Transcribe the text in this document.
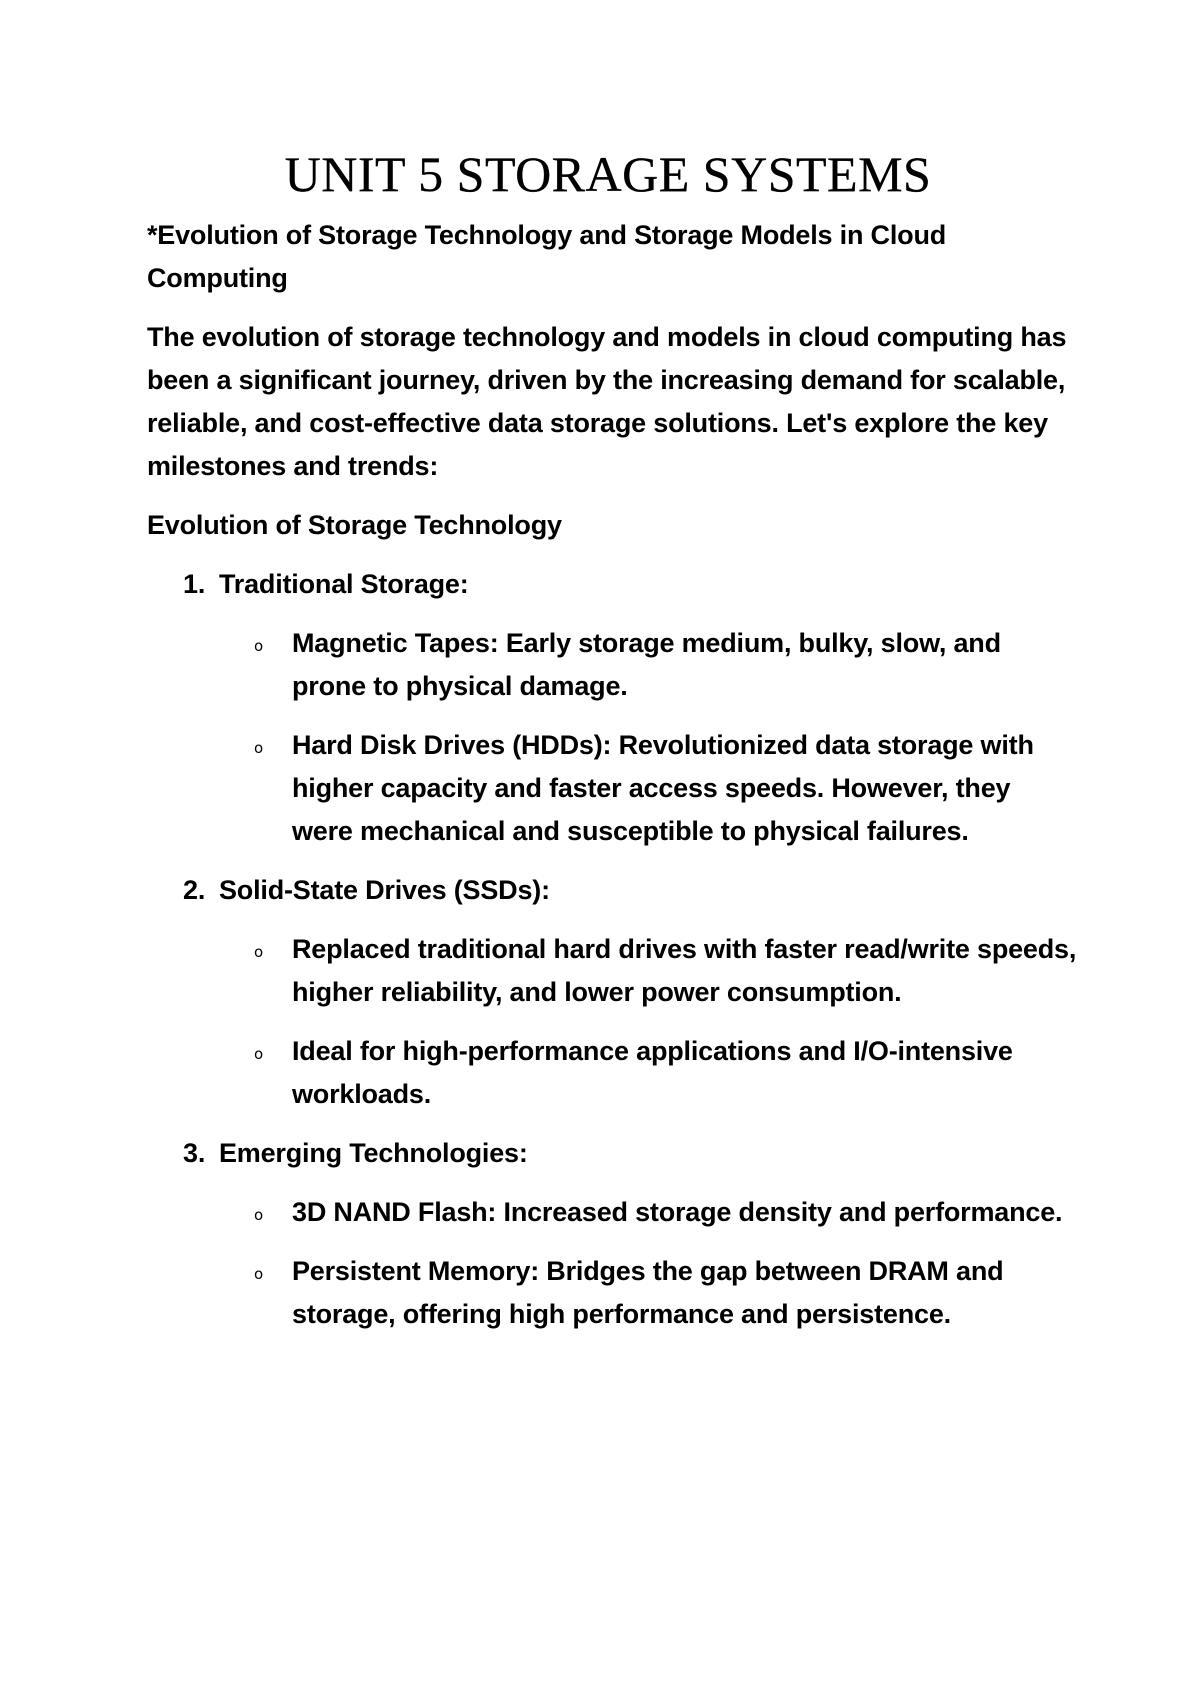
UNIT 5 STORAGE SYSTEMS
*Evolution of Storage Technology and Storage Models in Cloud Computing
The evolution of storage technology and models in cloud computing has been a significant journey, driven by the increasing demand for scalable, reliable, and cost-effective data storage solutions. Let's explore the key milestones and trends:
Evolution of Storage Technology
1. Traditional Storage:
o Magnetic Tapes: Early storage medium, bulky, slow, and prone to physical damage.
o Hard Disk Drives (HDDs): Revolutionized data storage with higher capacity and faster access speeds. However, they were mechanical and susceptible to physical failures.
2. Solid-State Drives (SSDs):
o Replaced traditional hard drives with faster read/write speeds, higher reliability, and lower power consumption.
o Ideal for high-performance applications and I/O-intensive workloads.
3. Emerging Technologies:
o 3D NAND Flash: Increased storage density and performance.
o Persistent Memory: Bridges the gap between DRAM and storage, offering high performance and persistence.
